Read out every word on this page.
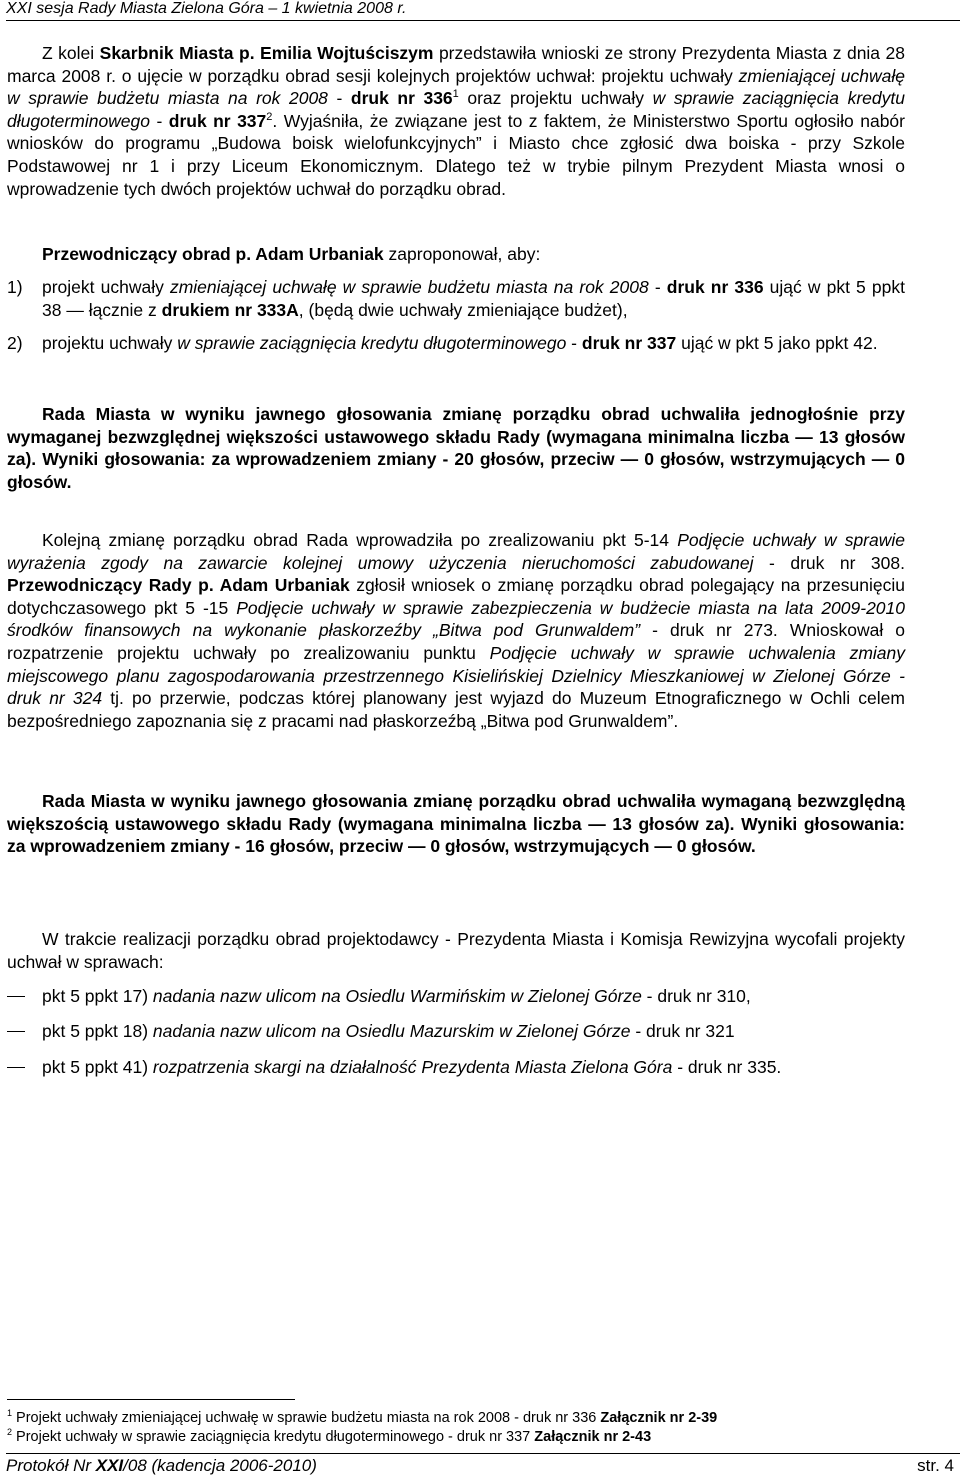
XXI sesja Rady Miasta Zielona Góra – 1 kwietnia 2008 r.

Z kolei Skarbnik Miasta p. Emilia Wojtuściszym przedstawiła wnioski ze strony Prezydenta Miasta z dnia 28 marca 2008 r. o ujęcie w porządku obrad sesji kolejnych projektów uchwał: projektu uchwały zmieniającej uchwałę w sprawie budżetu miasta na rok 2008 - druk nr $336^1$ oraz projektu uchwały w sprawie zaciągnięcia kredytu długoterminowego - druk nr $337^2$. Wyjaśniła, że związane jest to z faktem, że Ministerstwo Sportu ogłosiło nabór wniosków do programu „Budowa boisk wielofunkcyjnych” i Miasto chce zgłosić dwa boiska - przy Szkole Podstawowej nr 1 i przy Liceum Ekonomicznym. Dlatego też w trybie pilnym Prezydent Miasta wnosi o wprowadzenie tych dwóch projektów uchwał do porządku obrad.

Przewodniczący obrad p. Adam Urbaniak zaproponował, aby:

1) projekt uchwały zmieniającej uchwałę w sprawie budżetu miasta na rok 2008 - druk nr 336 ująć w pkt 5 ppkt 38 — łącznie z drukiem nr 333A, (będą dwie uchwały zmieniające budżet),

2) projektu uchwały w sprawie zaciągnięcia kredytu długoterminowego - druk nr 337 ująć w pkt 5 jako ppkt 42.

Rada Miasta w wyniku jawnego głosowania zmianę porządku obrad uchwaliła jednogłośnie przy wymaganej bezwzględnej większości ustawowego składu Rady (wymagana minimalna liczba — 13 głosów za). Wyniki głosowania: za wprowadzeniem zmiany - 20 głosów, przeciw — 0 głosów, wstrzymujących — 0 głosów.

Kolejną zmianę porządku obrad Rada wprowadziła po zrealizowaniu pkt 5-14 Podjęcie uchwały w sprawie wyrażenia zgody na zawarcie kolejnej umowy użyczenia nieruchomości zabudowanej - druk nr 308. Przewodniczący Rady p. Adam Urbaniak zgłosił wniosek o zmianę porządku obrad polegający na przesunięciu dotychczasowego pkt 5 -15 Podjęcie uchwały w sprawie zabezpieczenia w budżecie miasta na lata 2009-2010 środków finansowych na wykonanie płaskorzeźby „Bitwa pod Grunwaldem” - druk nr 273. Wnioskował o rozpatrzenie projektu uchwały po zrealizowaniu punktu Podjęcie uchwały w sprawie uchwalenia zmiany miejscowego planu zagospodarowania przestrzennego Kisielińskiej Dzielnicy Mieszkaniowej w Zielonej Górze - druk nr 324 tj. po przerwie, podczas której planowany jest wyjazd do Muzeum Etnograficznego w Ochli celem bezpośredniego zapoznania się z pracami nad płaskorzeźbą „Bitwa pod Grunwaldem”.

Rada Miasta w wyniku jawnego głosowania zmianę porządku obrad uchwaliła wymaganą bezwzględną większością ustawowego składu Rady (wymagana minimalna liczba — 13 głosów za). Wyniki głosowania: za wprowadzeniem zmiany - 16 głosów, przeciw — 0 głosów, wstrzymujących — 0 głosów.

W trakcie realizacji porządku obrad projektodawcy - Prezydenta Miasta i Komisja Rewizyjna wycofali projekty uchwał w sprawach:

pkt 5 ppkt 17) nadania nazw ulicom na Osiedlu Warmińskim w Zielonej Górze - druk nr 310,

pkt 5 ppkt 18) nadania nazw ulicom na Osiedlu Mazurskim w Zielonej Górze - druk nr 321

pkt 5 ppkt 41) rozpatrzenia skargi na działalność Prezydenta Miasta Zielona Góra - druk nr 335.

$^1$ Projekt uchwały zmieniającej uchwałę w sprawie budżetu miasta na rok 2008 - druk nr 336 Załącznik nr 2-39
$^2$ Projekt uchwały w sprawie zaciągnięcia kredytu długoterminowego - druk nr 337 Załącznik nr 2-43
Protokół Nr XXI/08 (kadencja 2006-2010)	str. 4
